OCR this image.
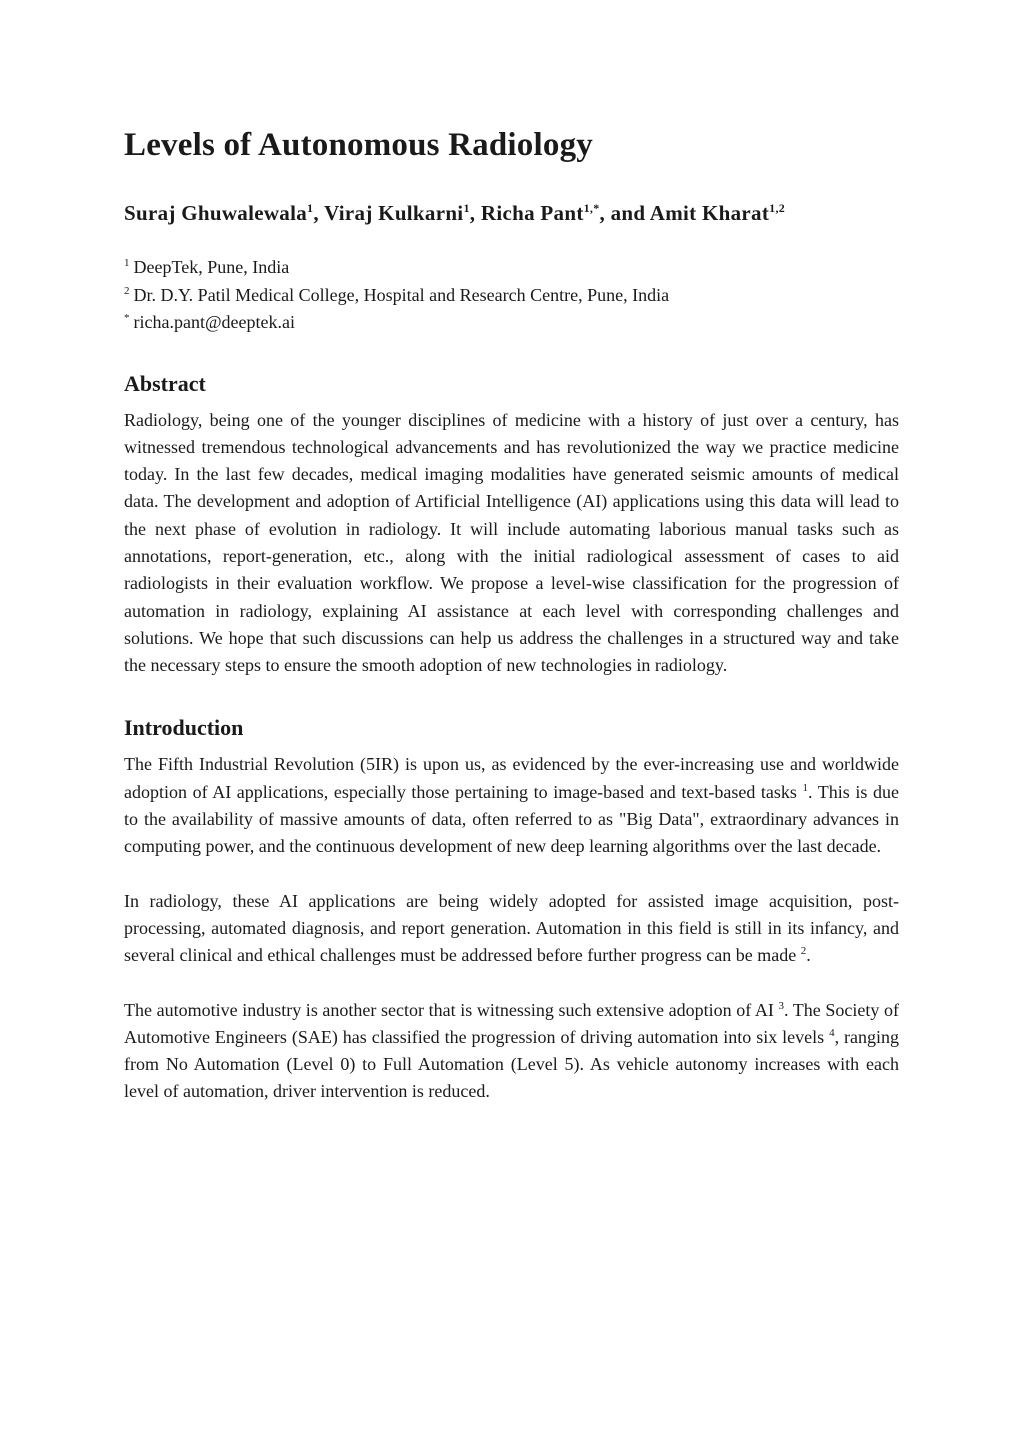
Levels of Autonomous Radiology

Suraj Ghuwalewala$^1$, Viraj Kulkarni$^1$, Richa Pant$^{1,*}$, and Amit Kharat$^{1,2}$

$^1$ DeepTek, Pune, India
$^2$ Dr. D.Y. Patil Medical College, Hospital and Research Centre, Pune, India
* richa.pant@deeptek.ai
Abstract

Radiology, being one of the younger disciplines of medicine with a history of just over a century, has witnessed tremendous technological advancements and has revolutionized the way we practice medicine today. In the last few decades, medical imaging modalities have generated seismic amounts of medical data. The development and adoption of Artificial Intelligence (AI) applications using this data will lead to the next phase of evolution in radiology. It will include automating laborious manual tasks such as annotations, report-generation, etc., along with the initial radiological assessment of cases to aid radiologists in their evaluation workflow. We propose a level-wise classification for the progression of automation in radiology, explaining AI assistance at each level with corresponding challenges and solutions. We hope that such discussions can help us address the challenges in a structured way and take the necessary steps to ensure the smooth adoption of new technologies in radiology.

Introduction

The Fifth Industrial Revolution (5IR) is upon us, as evidenced by the ever-increasing use and worldwide adoption of AI applications, especially those pertaining to image-based and text-based tasks $^1$. This is due to the availability of massive amounts of data, often referred to as "Big Data", extraordinary advances in computing power, and the continuous development of new deep learning algorithms over the last decade.

In radiology, these AI applications are being widely adopted for assisted image acquisition, post-processing, automated diagnosis, and report generation. Automation in this field is still in its infancy, and several clinical and ethical challenges must be addressed before further progress can be made $^2$.

The automotive industry is another sector that is witnessing such extensive adoption of AI $^3$. The Society of Automotive Engineers (SAE) has classified the progression of driving automation into six levels $^4$, ranging from No Automation (Level 0) to Full Automation (Level 5). As vehicle autonomy increases with each level of automation, driver intervention is reduced.
